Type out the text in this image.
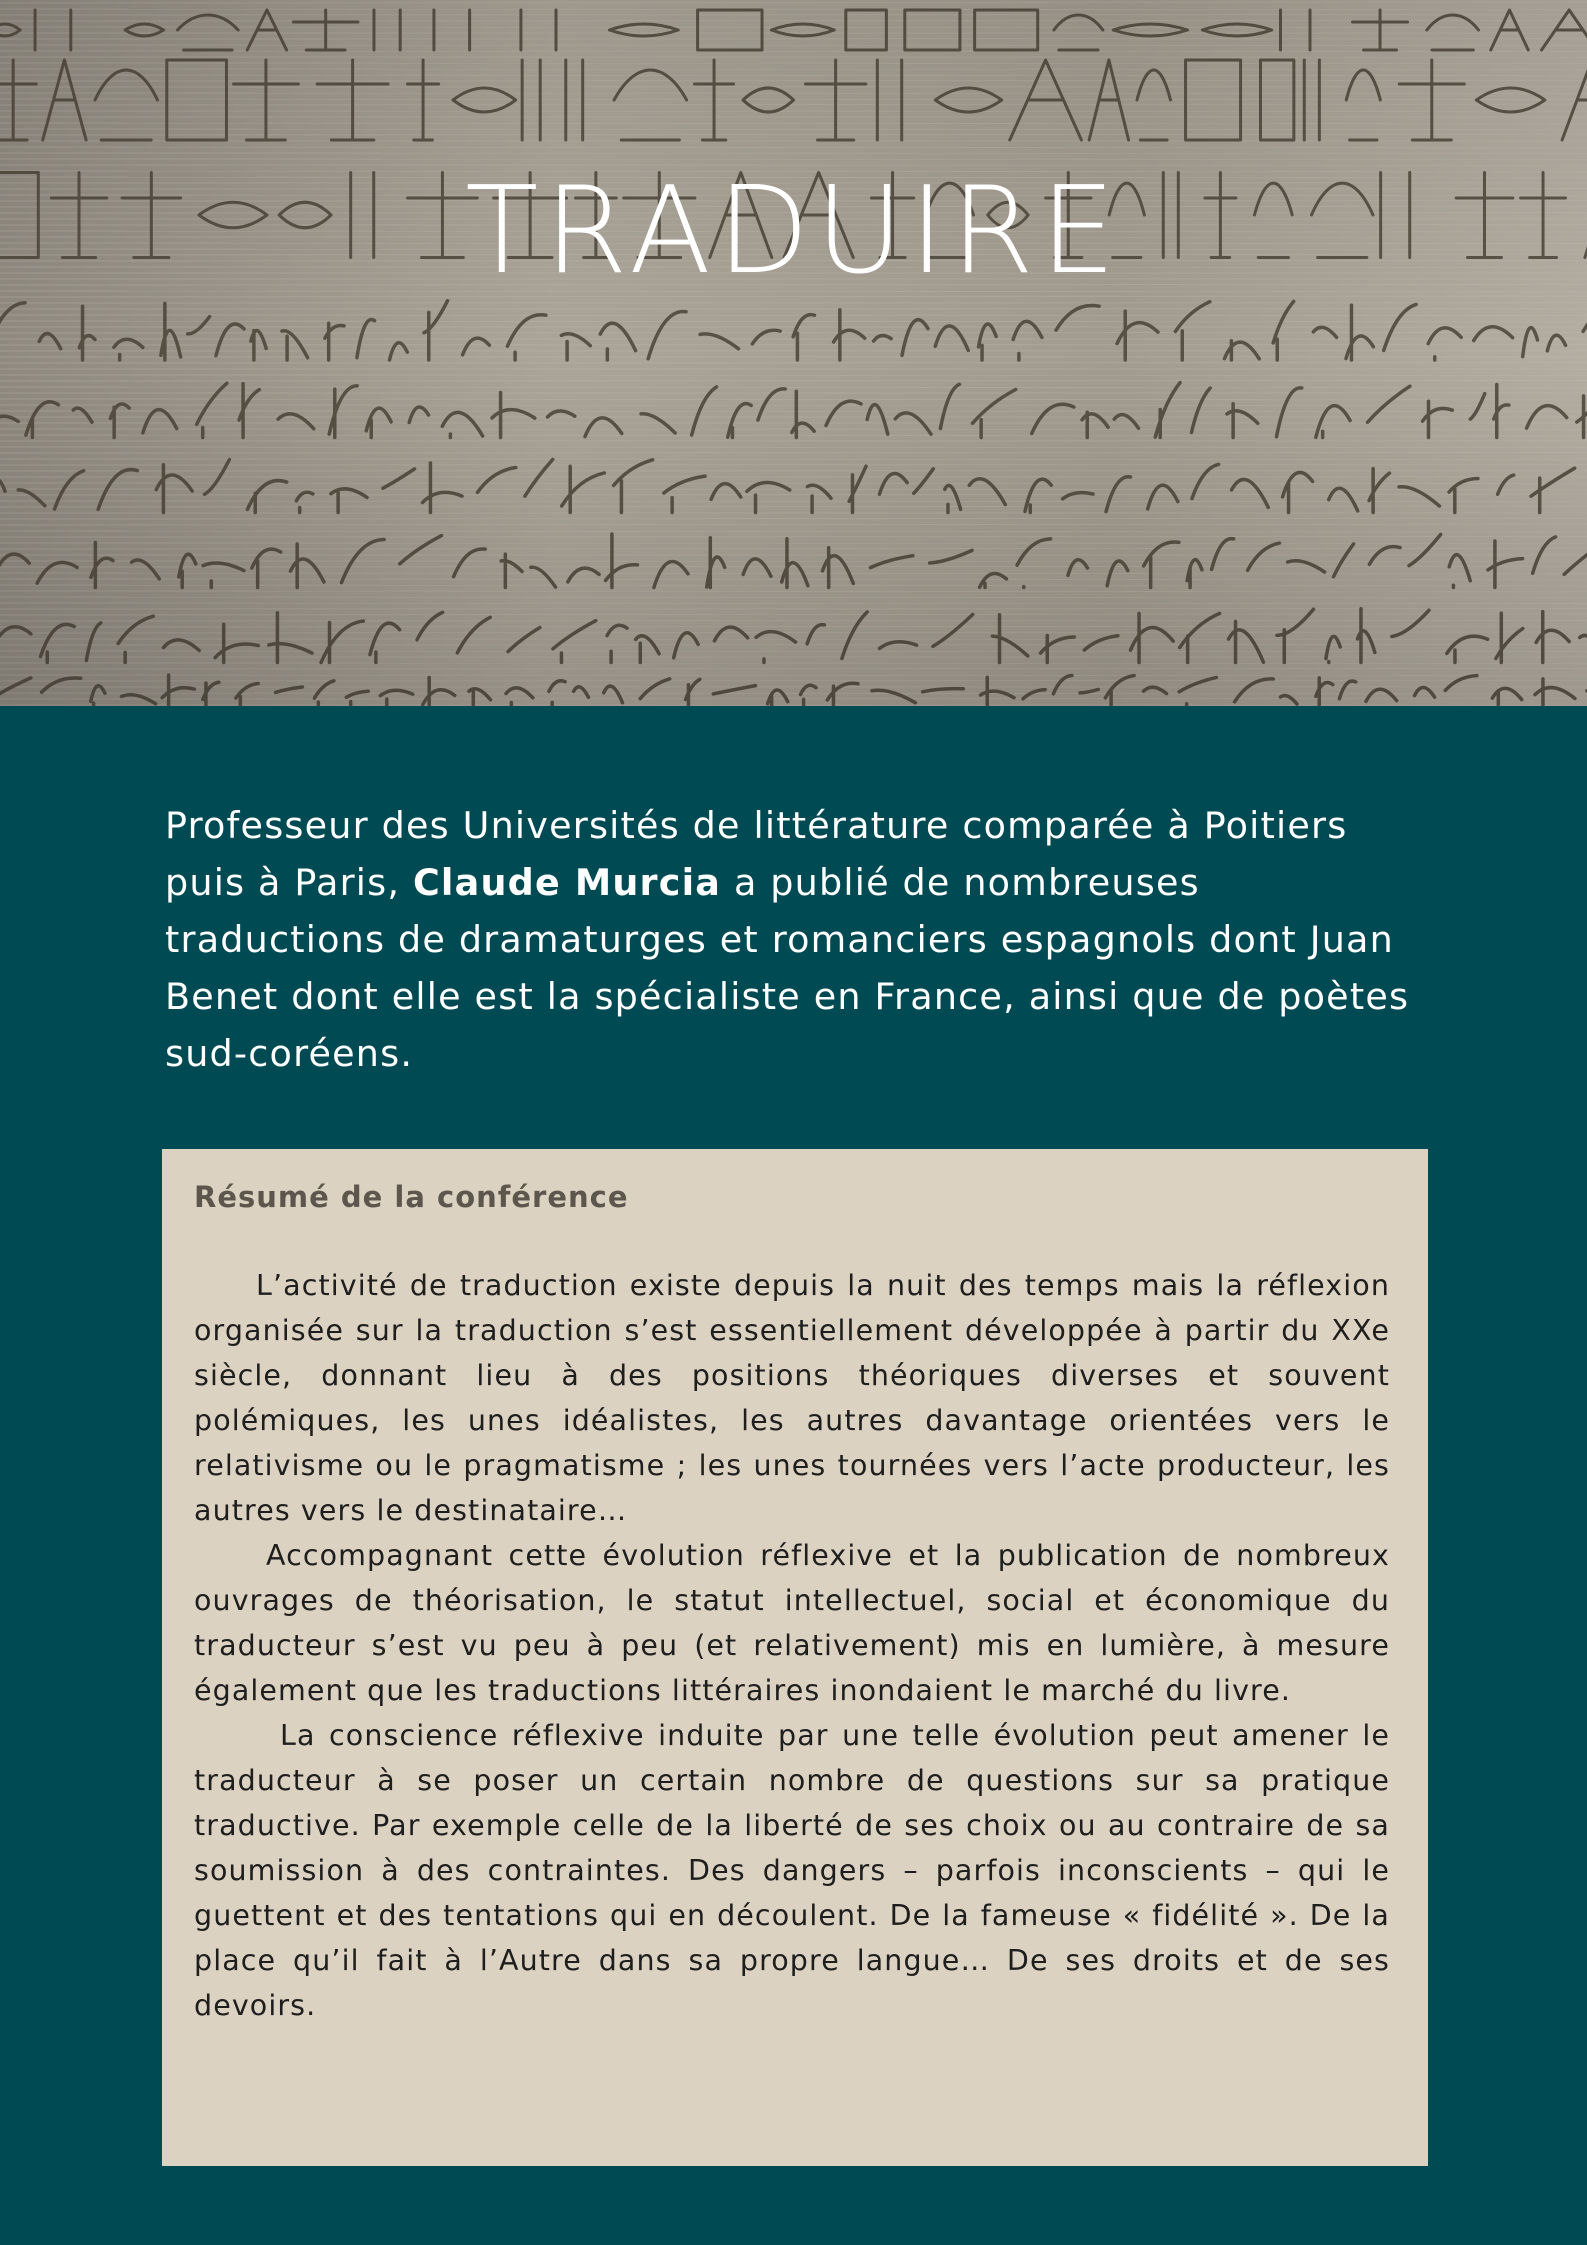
TRADUIRE

Professeur des Universités de littérature comparée à Poitiers puis à Paris, Claude Murcia a publié de nombreuses traductions de dramaturges et romanciers espagnols dont Juan Benet dont elle est la spécialiste en France, ainsi que de poètes sud-coréens.

Résumé de la conférence

L’activité de traduction existe depuis la nuit des temps mais la réflexion organisée sur la traduction s’est essentiellement développée à partir du XXe siècle, donnant lieu à des positions théoriques diverses et souvent polémiques, les unes idéalistes, les autres davantage orientées vers le relativisme ou le pragmatisme ; les unes tournées vers l’acte producteur, les autres vers le destinataire…

Accompagnant cette évolution réflexive et la publication de nombreux ouvrages de théorisation, le statut intellectuel, social et économique du traducteur s’est vu peu à peu (et relativement) mis en lumière, à mesure également que les traductions littéraires inondaient le marché du livre.

La conscience réflexive induite par une telle évolution peut amener le traducteur à se poser un certain nombre de questions sur sa pratique traductive. Par exemple celle de la liberté de ses choix ou au contraire de sa soumission à des contraintes. Des dangers – parfois inconscients – qui le guettent et des tentations qui en découlent. De la fameuse « fidélité ». De la place qu’il fait à l’Autre dans sa propre langue… De ses droits et de ses devoirs.
